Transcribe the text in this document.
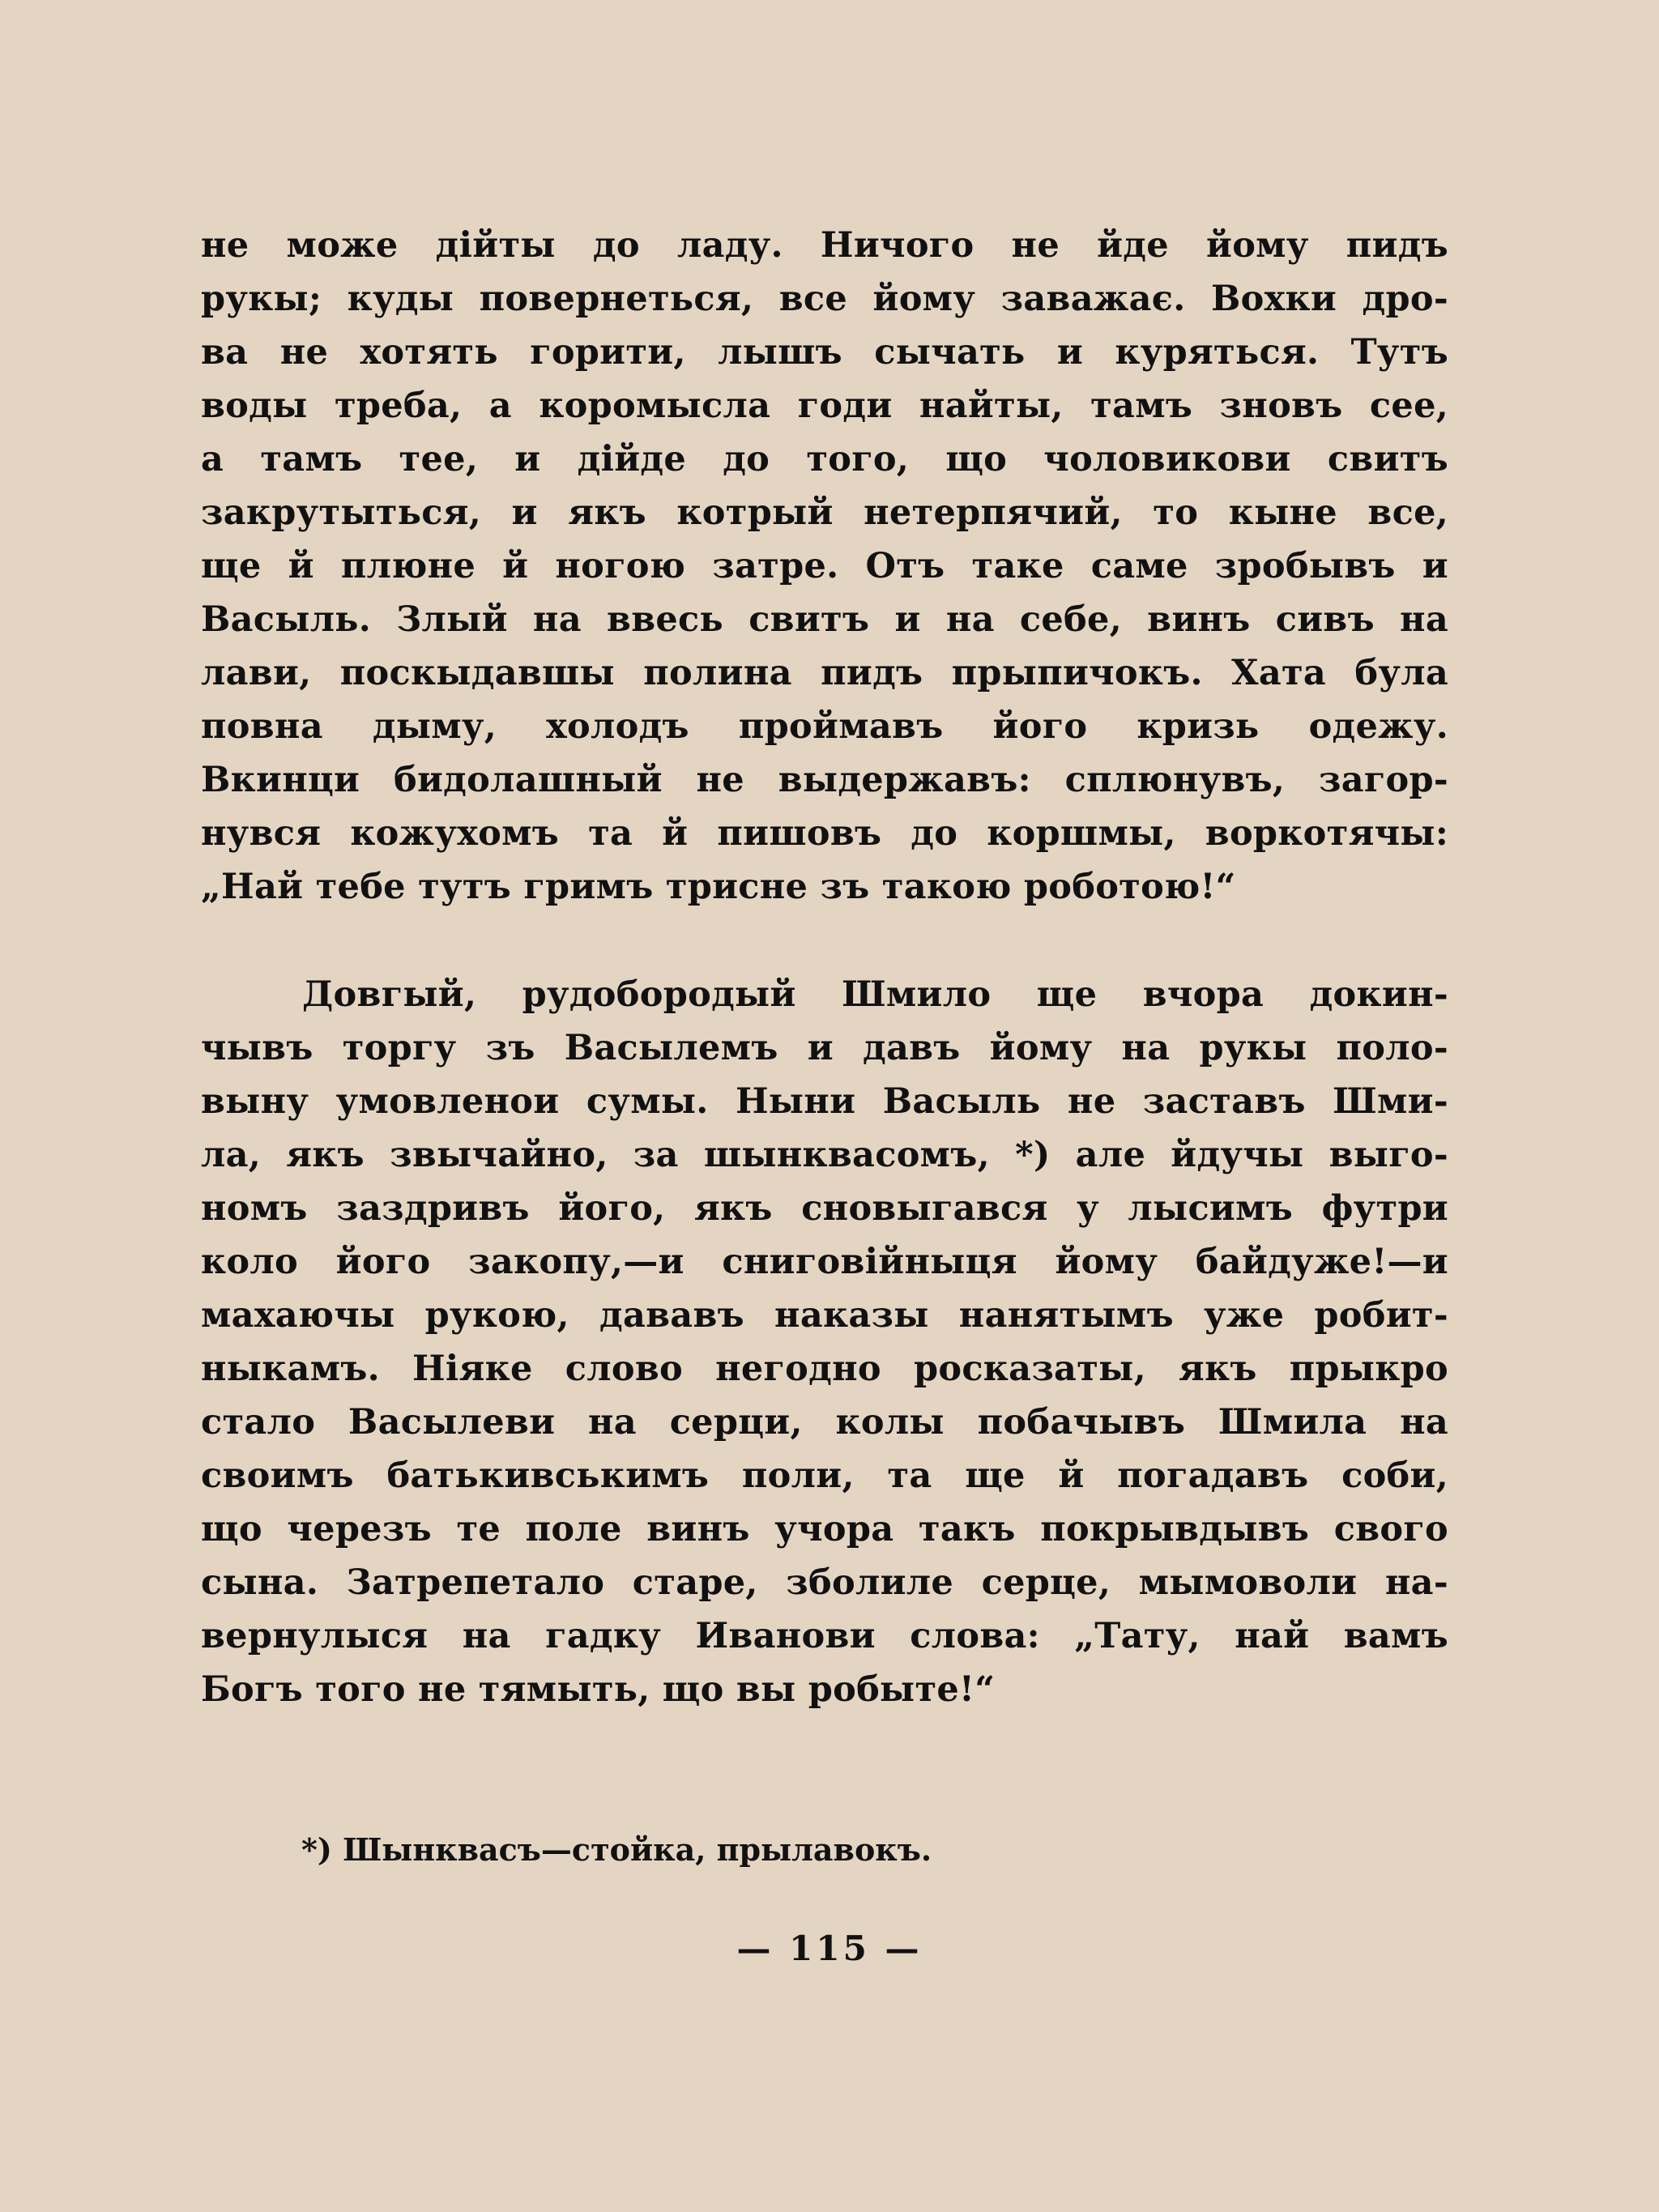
не може дійты до ладу. Ничого не йде йому пидъ
рукы; куды повернеться, все йому заважає. Вохки дро-
ва не хотять горити, лышъ сычать и куряться. Тутъ
воды треба, а коромысла годи найты, тамъ зновъ сее,
а тамъ тее, и дійде до того, що чоловикови свитъ
закрутыться, и якъ котрый нетерпячий, то кыне все,
ще й плюне й ногою затре. Отъ таке саме зробывъ и
Васыль. Злый на ввесь свитъ и на себе, винъ сивъ на
лави, поскыдавшы полина пидъ прыпичокъ. Хата була
повна дыму, холодъ проймавъ його кризь одежу.
Вкинци бидолашный не выдержавъ: сплюнувъ, загор-
нувся кожухомъ та й пишовъ до коршмы, воркотячы:
„Най тебе тутъ гримъ трисне зъ такою роботою!“
Довгый, рудобородый Шмило ще вчора докин-
чывъ торгу зъ Васылемъ и давъ йому на рукы поло-
выну умовленои сумы. Ныни Васыль не заставъ Шми-
ла, якъ звычайно, за шынквасомъ, *) але йдучы выго-
номъ заздривъ його, якъ сновыгався у лысимъ футри
коло його закопу,—и сниговійныця йому байдуже!—и
махаючы рукою, дававъ наказы нанятымъ уже робит-
ныкамъ. Ніяке слово негодно росказаты, якъ прыкро
стало Васылеви на серци, колы побачывъ Шмила на
своимъ батькивськимъ поли, та ще й погадавъ соби,
що черезъ те поле винъ учора такъ покрывдывъ свого
сына. Затрепетало старе, зболиле серце, мымоволи на-
вернулыся на гадку Иванови слова: „Тату, най вамъ
Богъ того не тямыть, що вы робыте!“
*) Шынквасъ—стойка, прылавокъ.
— 115 —
